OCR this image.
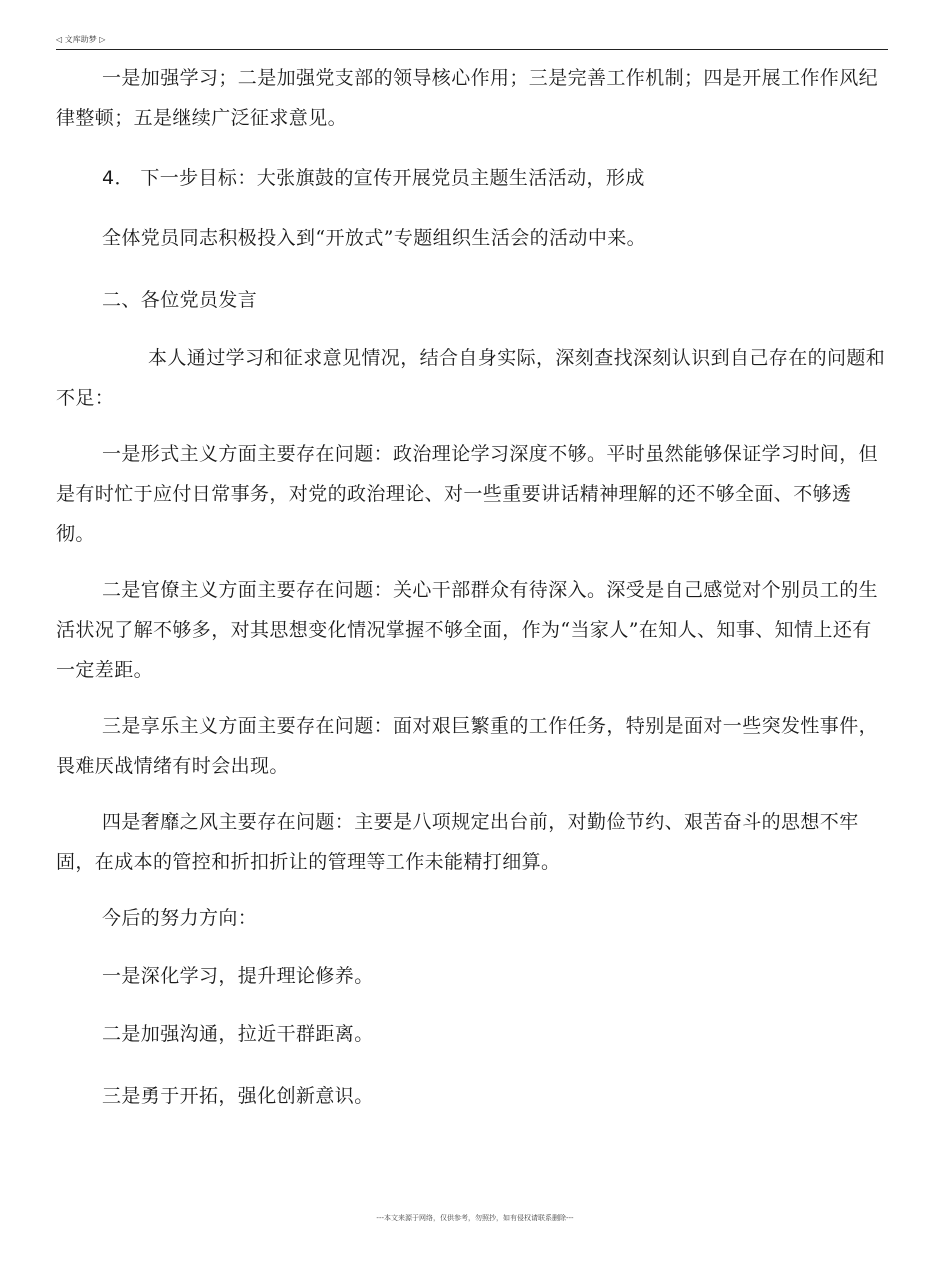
◁ 文库助梦 ▷

一是加强学习；二是加强党支部的领导核心作用；三是完善工作机制；四是开展工作作风纪律整顿；五是继续广泛征求意见。

4． 下一步目标：大张旗鼓的宣传开展党员主题生活活动，形成

全体党员同志积极投入到“开放式”专题组织生活会的活动中来。

二、各位党员发言

本人通过学习和征求意见情况，结合自身实际，深刻查找深刻认识到自己存在的问题和不足：

一是形式主义方面主要存在问题：政治理论学习深度不够。平时虽然能够保证学习时间，但是有时忙于应付日常事务，对党的政治理论、对一些重要讲话精神理解的还不够全面、不够透彻。

二是官僚主义方面主要存在问题：关心干部群众有待深入。深受是自己感觉对个别员工的生活状况了解不够多，对其思想变化情况掌握不够全面，作为“当家人”在知人、知事、知情上还有一定差距。

三是享乐主义方面主要存在问题：面对艰巨繁重的工作任务，特别是面对一些突发性事件，畏难厌战情绪有时会出现。

四是奢靡之风主要存在问题：主要是八项规定出台前，对勤俭节约、艰苦奋斗的思想不牢固，在成本的管控和折扣折让的管理等工作未能精打细算。

今后的努力方向：

一是深化学习，提升理论修养。

二是加强沟通，拉近干群距离。

三是勇于开拓，强化创新意识。

---本文来源于网络，仅供参考，勿照抄，如有侵权请联系删除---
